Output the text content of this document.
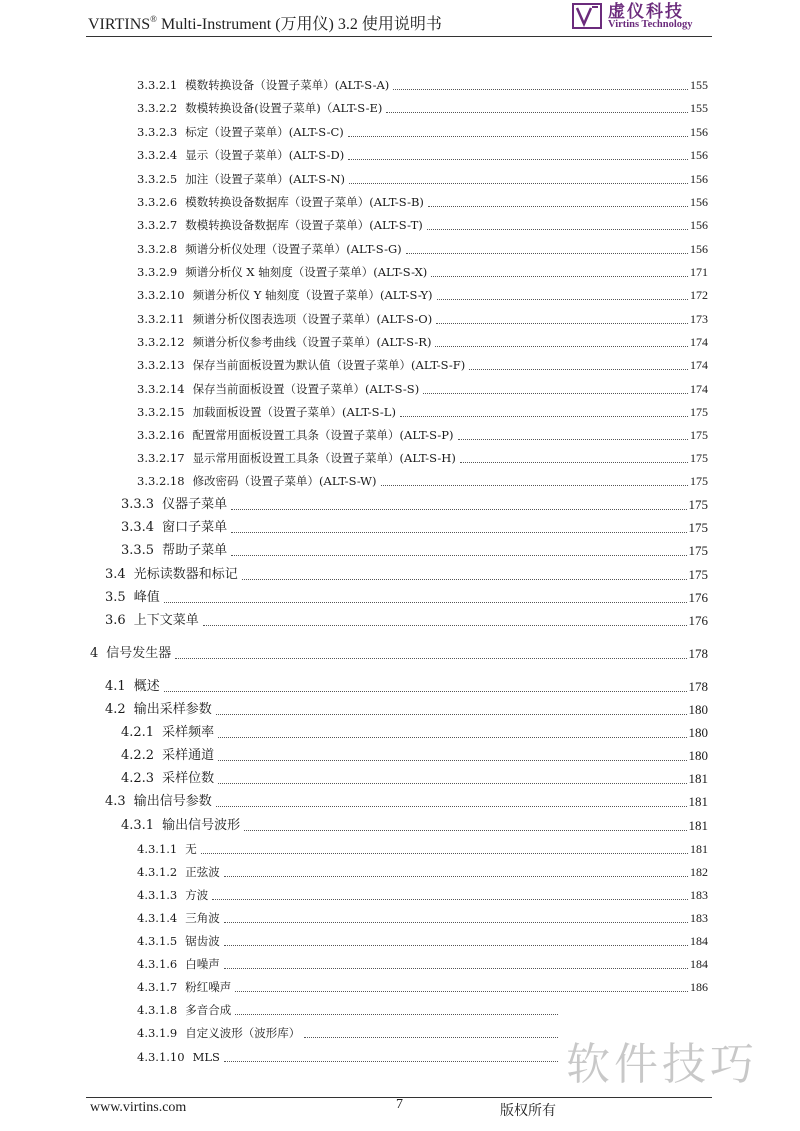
VIRTINS® Multi-Instrument (万用仪) 3.2 使用说明书
虚仪科技
Virtins Technology
3.3.2.1 模数转换设备（设置子菜单）(ALT-S-A)	155
3.3.2.2 数模转换设备(设置子菜单)（ALT-S-E)	155
3.3.2.3 标定（设置子菜单）(ALT-S-C)	156
3.3.2.4 显示（设置子菜单）(ALT-S-D)	156
3.3.2.5 加注（设置子菜单）(ALT-S-N)	156
3.3.2.6 模数转换设备数据库（设置子菜单）(ALT-S-B)	156
3.3.2.7 数模转换设备数据库（设置子菜单）(ALT-S-T)	156
3.3.2.8 频谱分析仪处理（设置子菜单）(ALT-S-G)	156
3.3.2.9 频谱分析仪 X 轴刻度（设置子菜单）(ALT-S-X)	171
3.3.2.10 频谱分析仪 Y 轴刻度（设置子菜单）(ALT-S-Y)	172
3.3.2.11 频谱分析仪图表选项（设置子菜单）(ALT-S-O)	173
3.3.2.12 频谱分析仪参考曲线（设置子菜单）(ALT-S-R)	174
3.3.2.13 保存当前面板设置为默认值（设置子菜单）(ALT-S-F)	174
3.3.2.14 保存当前面板设置（设置子菜单）(ALT-S-S)	174
3.3.2.15 加载面板设置（设置子菜单）(ALT-S-L)	175
3.3.2.16 配置常用面板设置工具条（设置子菜单）(ALT-S-P)	175
3.3.2.17 显示常用面板设置工具条（设置子菜单）(ALT-S-H)	175
3.3.2.18 修改密码（设置子菜单）(ALT-S-W)	175
3.3.3 仪器子菜单	175
3.3.4 窗口子菜单	175
3.3.5 帮助子菜单	175
3.4 光标读数器和标记	175
3.5 峰值	176
3.6 上下文菜单	176
4 信号发生器	178
4.1 概述	178
4.2 输出采样参数	180
4.2.1 采样频率	180
4.2.2 采样通道	180
4.2.3 采样位数	181
4.3 输出信号参数	181
4.3.1 输出信号波形	181
4.3.1.1 无	181
4.3.1.2 正弦波	182
4.3.1.3 方波	183
4.3.1.4 三角波	183
4.3.1.5 锯齿波	184
4.3.1.6 白噪声	184
4.3.1.7 粉红噪声	186
4.3.1.8 多音合成
4.3.1.9 自定义波形（波形库）
4.3.1.10 MLS
www.virtins.com	7	版权所有
软件技巧
